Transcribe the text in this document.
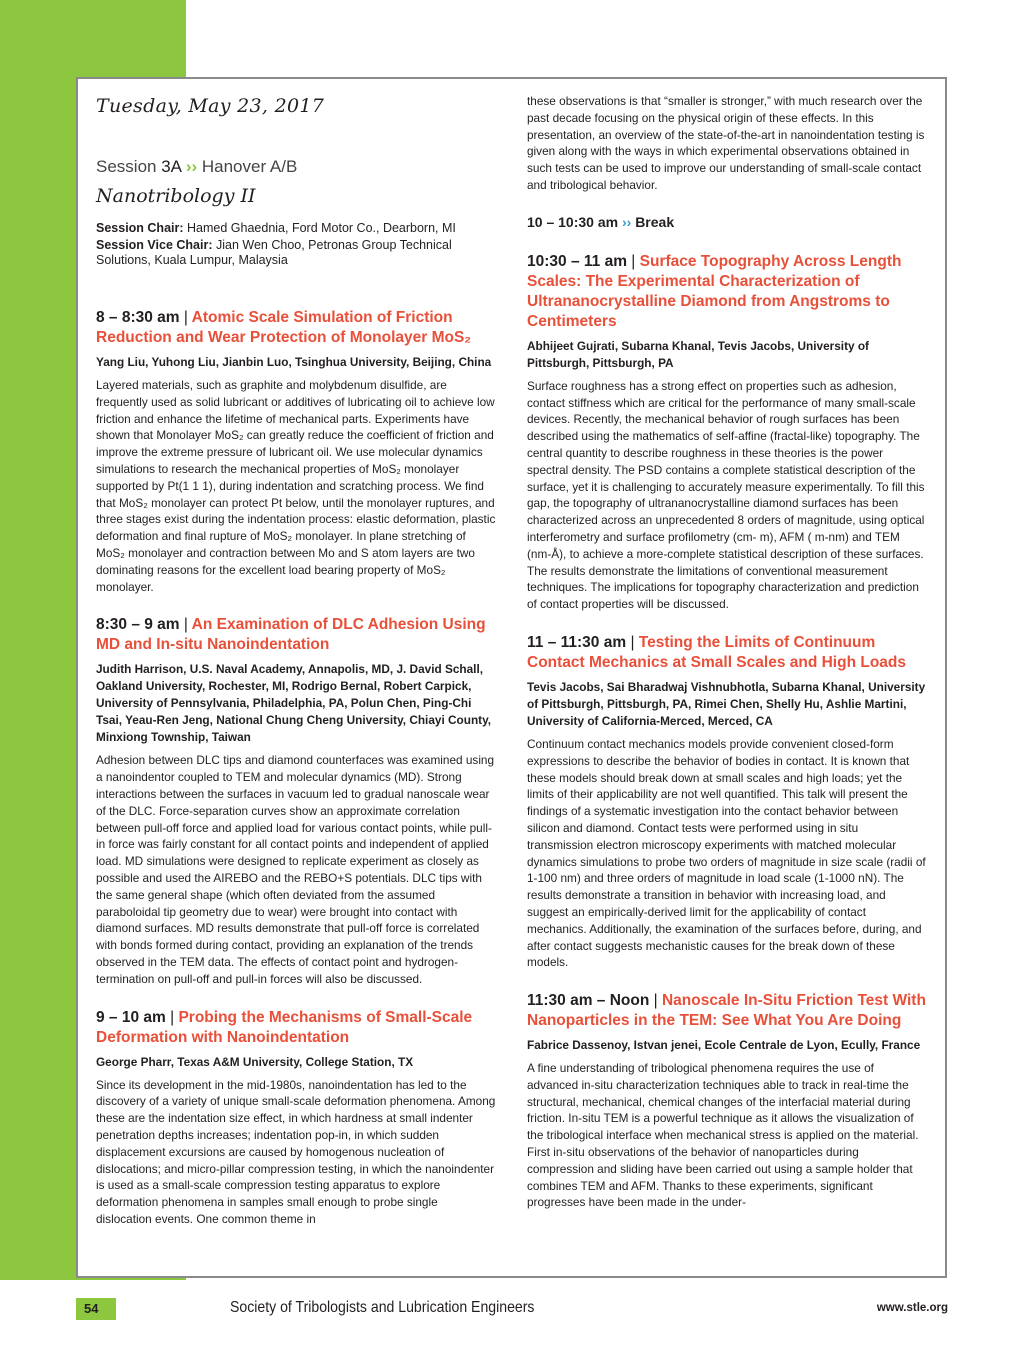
Tuesday, May 23, 2017
Session 3A ›› Hanover A/B
Nanotribology II
Session Chair: Hamed Ghaednia, Ford Motor Co., Dearborn, MI
Session Vice Chair: Jian Wen Choo, Petronas Group Technical Solutions, Kuala Lumpur, Malaysia
8 – 8:30 am | Atomic Scale Simulation of Friction Reduction and Wear Protection of Monolayer MoS₂
Yang Liu, Yuhong Liu, Jianbin Luo, Tsinghua University, Beijing, China

Layered materials, such as graphite and molybdenum disulfide, are frequently used as solid lubricant or additives of lubricating oil to achieve low friction and enhance the lifetime of mechanical parts. Experiments have shown that Monolayer MoS₂ can greatly reduce the coefficient of friction and improve the extreme pressure of lubricant oil. We use molecular dynamics simulations to research the mechanical properties of MoS₂ monolayer supported by Pt(1 1 1), during indentation and scratching process. We find that MoS₂ monolayer can protect Pt below, until the monolayer ruptures, and three stages exist during the indentation process: elastic deformation, plastic deformation and final rupture of MoS₂ monolayer. In plane stretching of MoS₂ monolayer and contraction between Mo and S atom layers are two dominating reasons for the excellent load bearing property of MoS₂ monolayer.

8:30 – 9 am | An Examination of DLC Adhesion Using MD and In-situ Nanoindentation
Judith Harrison, U.S. Naval Academy, Annapolis, MD, J. David Schall, Oakland University, Rochester, MI, Rodrigo Bernal, Robert Carpick, University of Pennsylvania, Philadelphia, PA, Polun Chen, Ping-Chi Tsai, Yeau-Ren Jeng, National Chung Cheng University, Chiayi County, Minxiong Township, Taiwan

Adhesion between DLC tips and diamond counterfaces was examined using a nanoindentor coupled to TEM and molecular dynamics (MD). Strong interactions between the surfaces in vacuum led to gradual nanoscale wear of the DLC. Force-separation curves show an approximate correlation between pull-off force and applied load for various contact points, while pull-in force was fairly constant for all contact points and independent of applied load. MD simulations were designed to replicate experiment as closely as possible and used the AIREBO and the REBO+S potentials. DLC tips with the same general shape (which often deviated from the assumed paraboloidal tip geometry due to wear) were brought into contact with diamond surfaces. MD results demonstrate that pull-off force is correlated with bonds formed during contact, providing an explanation of the trends observed in the TEM data. The effects of contact point and hydrogen-termination on pull-off and pull-in forces will also be discussed.

9 – 10 am | Probing the Mechanisms of Small-Scale Deformation with Nanoindentation
George Pharr, Texas A&M University, College Station, TX

Since its development in the mid-1980s, nanoindentation has led to the discovery of a variety of unique small-scale deformation phenomena. Among these are the indentation size effect, in which hardness at small indenter penetration depths increases; indentation pop-in, in which sudden displacement excursions are caused by homogenous nucleation of dislocations; and micro-pillar compression testing, in which the nanoindenter is used as a small-scale compression testing apparatus to explore deformation phenomena in samples small enough to probe single dislocation events. One common theme in

these observations is that “smaller is stronger,” with much research over the past decade focusing on the physical origin of these effects. In this presentation, an overview of the state-of-the-art in nanoindentation testing is given along with the ways in which experimental observations obtained in such tests can be used to improve our understanding of small-scale contact and tribological behavior.

10 – 10:30 am ›› Break
10:30 – 11 am | Surface Topography Across Length Scales: The Experimental Characterization of Ultrananocrystalline Diamond from Angstroms to Centimeters
Abhijeet Gujrati, Subarna Khanal, Tevis Jacobs, University of Pittsburgh, Pittsburgh, PA

Surface roughness has a strong effect on properties such as adhesion, contact stiffness which are critical for the performance of many small-scale devices. Recently, the mechanical behavior of rough surfaces has been described using the mathematics of self-affine (fractal-like) topography. The central quantity to describe roughness in these theories is the power spectral density. The PSD contains a complete statistical description of the surface, yet it is challenging to accurately measure experimentally. To fill this gap, the topography of ultrananocrystalline diamond surfaces has been characterized across an unprecedented 8 orders of magnitude, using optical interferometry and surface profilometry (cm- m), AFM ( m-nm) and TEM (nm-Å), to achieve a more-complete statistical description of these surfaces. The results demonstrate the limitations of conventional measurement techniques. The implications for topography characterization and prediction of contact properties will be discussed.

11 – 11:30 am | Testing the Limits of Continuum Contact Mechanics at Small Scales and High Loads
Tevis Jacobs, Sai Bharadwaj Vishnubhotla, Subarna Khanal, University of Pittsburgh, Pittsburgh, PA, Rimei Chen, Shelly Hu, Ashlie Martini, University of California-Merced, Merced, CA

Continuum contact mechanics models provide convenient closed-form expressions to describe the behavior of bodies in contact. It is known that these models should break down at small scales and high loads; yet the limits of their applicability are not well quantified. This talk will present the findings of a systematic investigation into the contact behavior between silicon and diamond. Contact tests were performed using in situ transmission electron microscopy experiments with matched molecular dynamics simulations to probe two orders of magnitude in size scale (radii of 1-100 nm) and three orders of magnitude in load scale (1-1000 nN). The results demonstrate a transition in behavior with increasing load, and suggest an empirically-derived limit for the applicability of contact mechanics. Additionally, the examination of the surfaces before, during, and after contact suggests mechanistic causes for the break down of these models.

11:30 am – Noon | Nanoscale In-Situ Friction Test With Nanoparticles in the TEM: See What You Are Doing
Fabrice Dassenoy, Istvan jenei, Ecole Centrale de Lyon, Ecully, France

A fine understanding of tribological phenomena requires the use of advanced in-situ characterization techniques able to track in real-time the structural, mechanical, chemical changes of the interfacial material during friction. In-situ TEM is a powerful technique as it allows the visualization of the tribological interface when mechanical stress is applied on the material. First in-situ observations of the behavior of nanoparticles during compression and sliding have been carried out using a sample holder that combines TEM and AFM. Thanks to these experiments, significant progresses have been made in the under-

54	Society of Tribologists and Lubrication Engineers	www.stle.org
